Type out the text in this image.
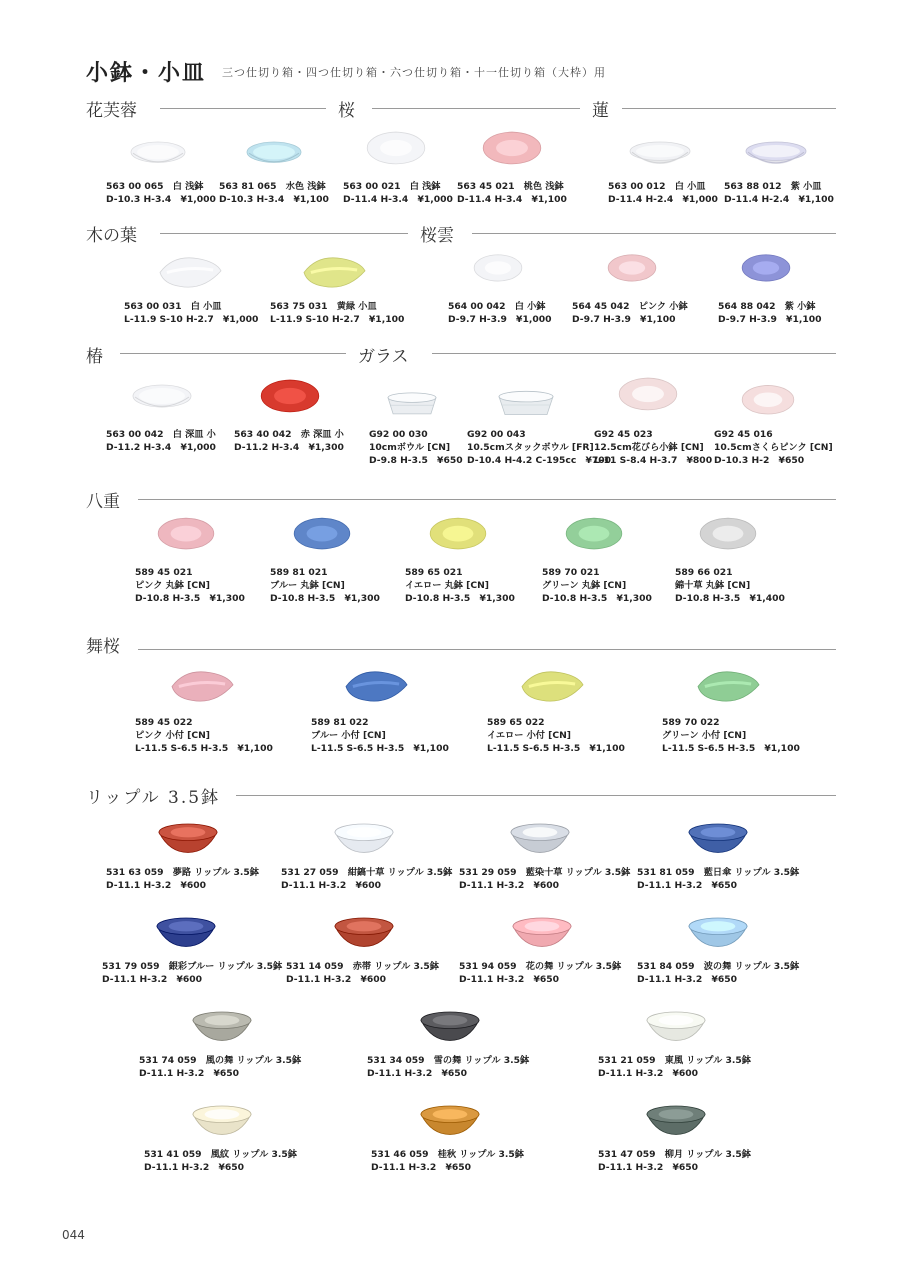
小鉢・小皿 三つ仕切り箱・四つ仕切り箱・六つ仕切り箱・十一仕切り箱（大枠）用
花芙蓉	桜	蓮
木の葉	桜雲
椿	ガラス
八重
舞桜
リップル 3.5鉢
044
563 00 065　白 浅鉢
D-10.3 H-3.4　¥1,000
563 81 065　水色 浅鉢
D-10.3 H-3.4　¥1,100
563 00 021　白 浅鉢
D-11.4 H-3.4　¥1,000
563 45 021　桃色 浅鉢
D-11.4 H-3.4　¥1,100
563 00 012　白 小皿
D-11.4 H-2.4　¥1,000
563 88 012　紫 小皿
D-11.4 H-2.4　¥1,100
563 00 031　白 小皿
L-11.9 S-10 H-2.7　¥1,000
563 75 031　黄緑 小皿
L-11.9 S-10 H-2.7　¥1,100
564 00 042　白 小鉢
D-9.7 H-3.9　¥1,000
564 45 042　ピンク 小鉢
D-9.7 H-3.9　¥1,100
564 88 042　紫 小鉢
D-9.7 H-3.9　¥1,100
563 00 042　白 深皿 小
D-11.2 H-3.4　¥1,000
563 40 042　赤 深皿 小
D-11.2 H-3.4　¥1,300
G92 00 030
10cmボウル [CN]
D-9.8 H-3.5　¥650
G92 00 043
10.5cmスタックボウル [FR]
D-10.4 H-4.2 C-195cc　¥700
G92 45 023
12.5cm花びら小鉢 [CN]
L-11 S-8.4 H-3.7　¥800
G92 45 016
10.5cmさくらピンク [CN]
D-10.3 H-2　¥650
589 45 021
ピンク 丸鉢 [CN]
D-10.8 H-3.5　¥1,300
589 81 021
ブルー 丸鉢 [CN]
D-10.8 H-3.5　¥1,300
589 65 021
イエロー 丸鉢 [CN]
D-10.8 H-3.5　¥1,300
589 70 021
グリーン 丸鉢 [CN]
D-10.8 H-3.5　¥1,300
589 66 021
錦十草 丸鉢 [CN]
D-10.8 H-3.5　¥1,400
589 45 022
ピンク 小付 [CN]
L-11.5 S-6.5 H-3.5　¥1,100
589 81 022
ブルー 小付 [CN]
L-11.5 S-6.5 H-3.5　¥1,100
589 65 022
イエロー 小付 [CN]
L-11.5 S-6.5 H-3.5　¥1,100
589 70 022
グリーン 小付 [CN]
L-11.5 S-6.5 H-3.5　¥1,100
531 63 059　夢路 リップル 3.5鉢
D-11.1 H-3.2　¥600
531 27 059　紺鎬十草 リップル 3.5鉢
D-11.1 H-3.2　¥600
531 29 059　藍染十草 リップル 3.5鉢
D-11.1 H-3.2　¥600
531 81 059　藍日傘 リップル 3.5鉢
D-11.1 H-3.2　¥650
531 79 059　銀彩ブルー リップル 3.5鉢
D-11.1 H-3.2　¥600
531 14 059　赤帯 リップル 3.5鉢
D-11.1 H-3.2　¥600
531 94 059　花の舞 リップル 3.5鉢
D-11.1 H-3.2　¥650
531 84 059　波の舞 リップル 3.5鉢
D-11.1 H-3.2　¥650
531 74 059　風の舞 リップル 3.5鉢
D-11.1 H-3.2　¥650
531 34 059　雪の舞 リップル 3.5鉢
D-11.1 H-3.2　¥650
531 21 059　東風 リップル 3.5鉢
D-11.1 H-3.2　¥600
531 41 059　風紋 リップル 3.5鉢
D-11.1 H-3.2　¥650
531 46 059　桂秋 リップル 3.5鉢
D-11.1 H-3.2　¥650
531 47 059　柳月 リップル 3.5鉢
D-11.1 H-3.2　¥650
